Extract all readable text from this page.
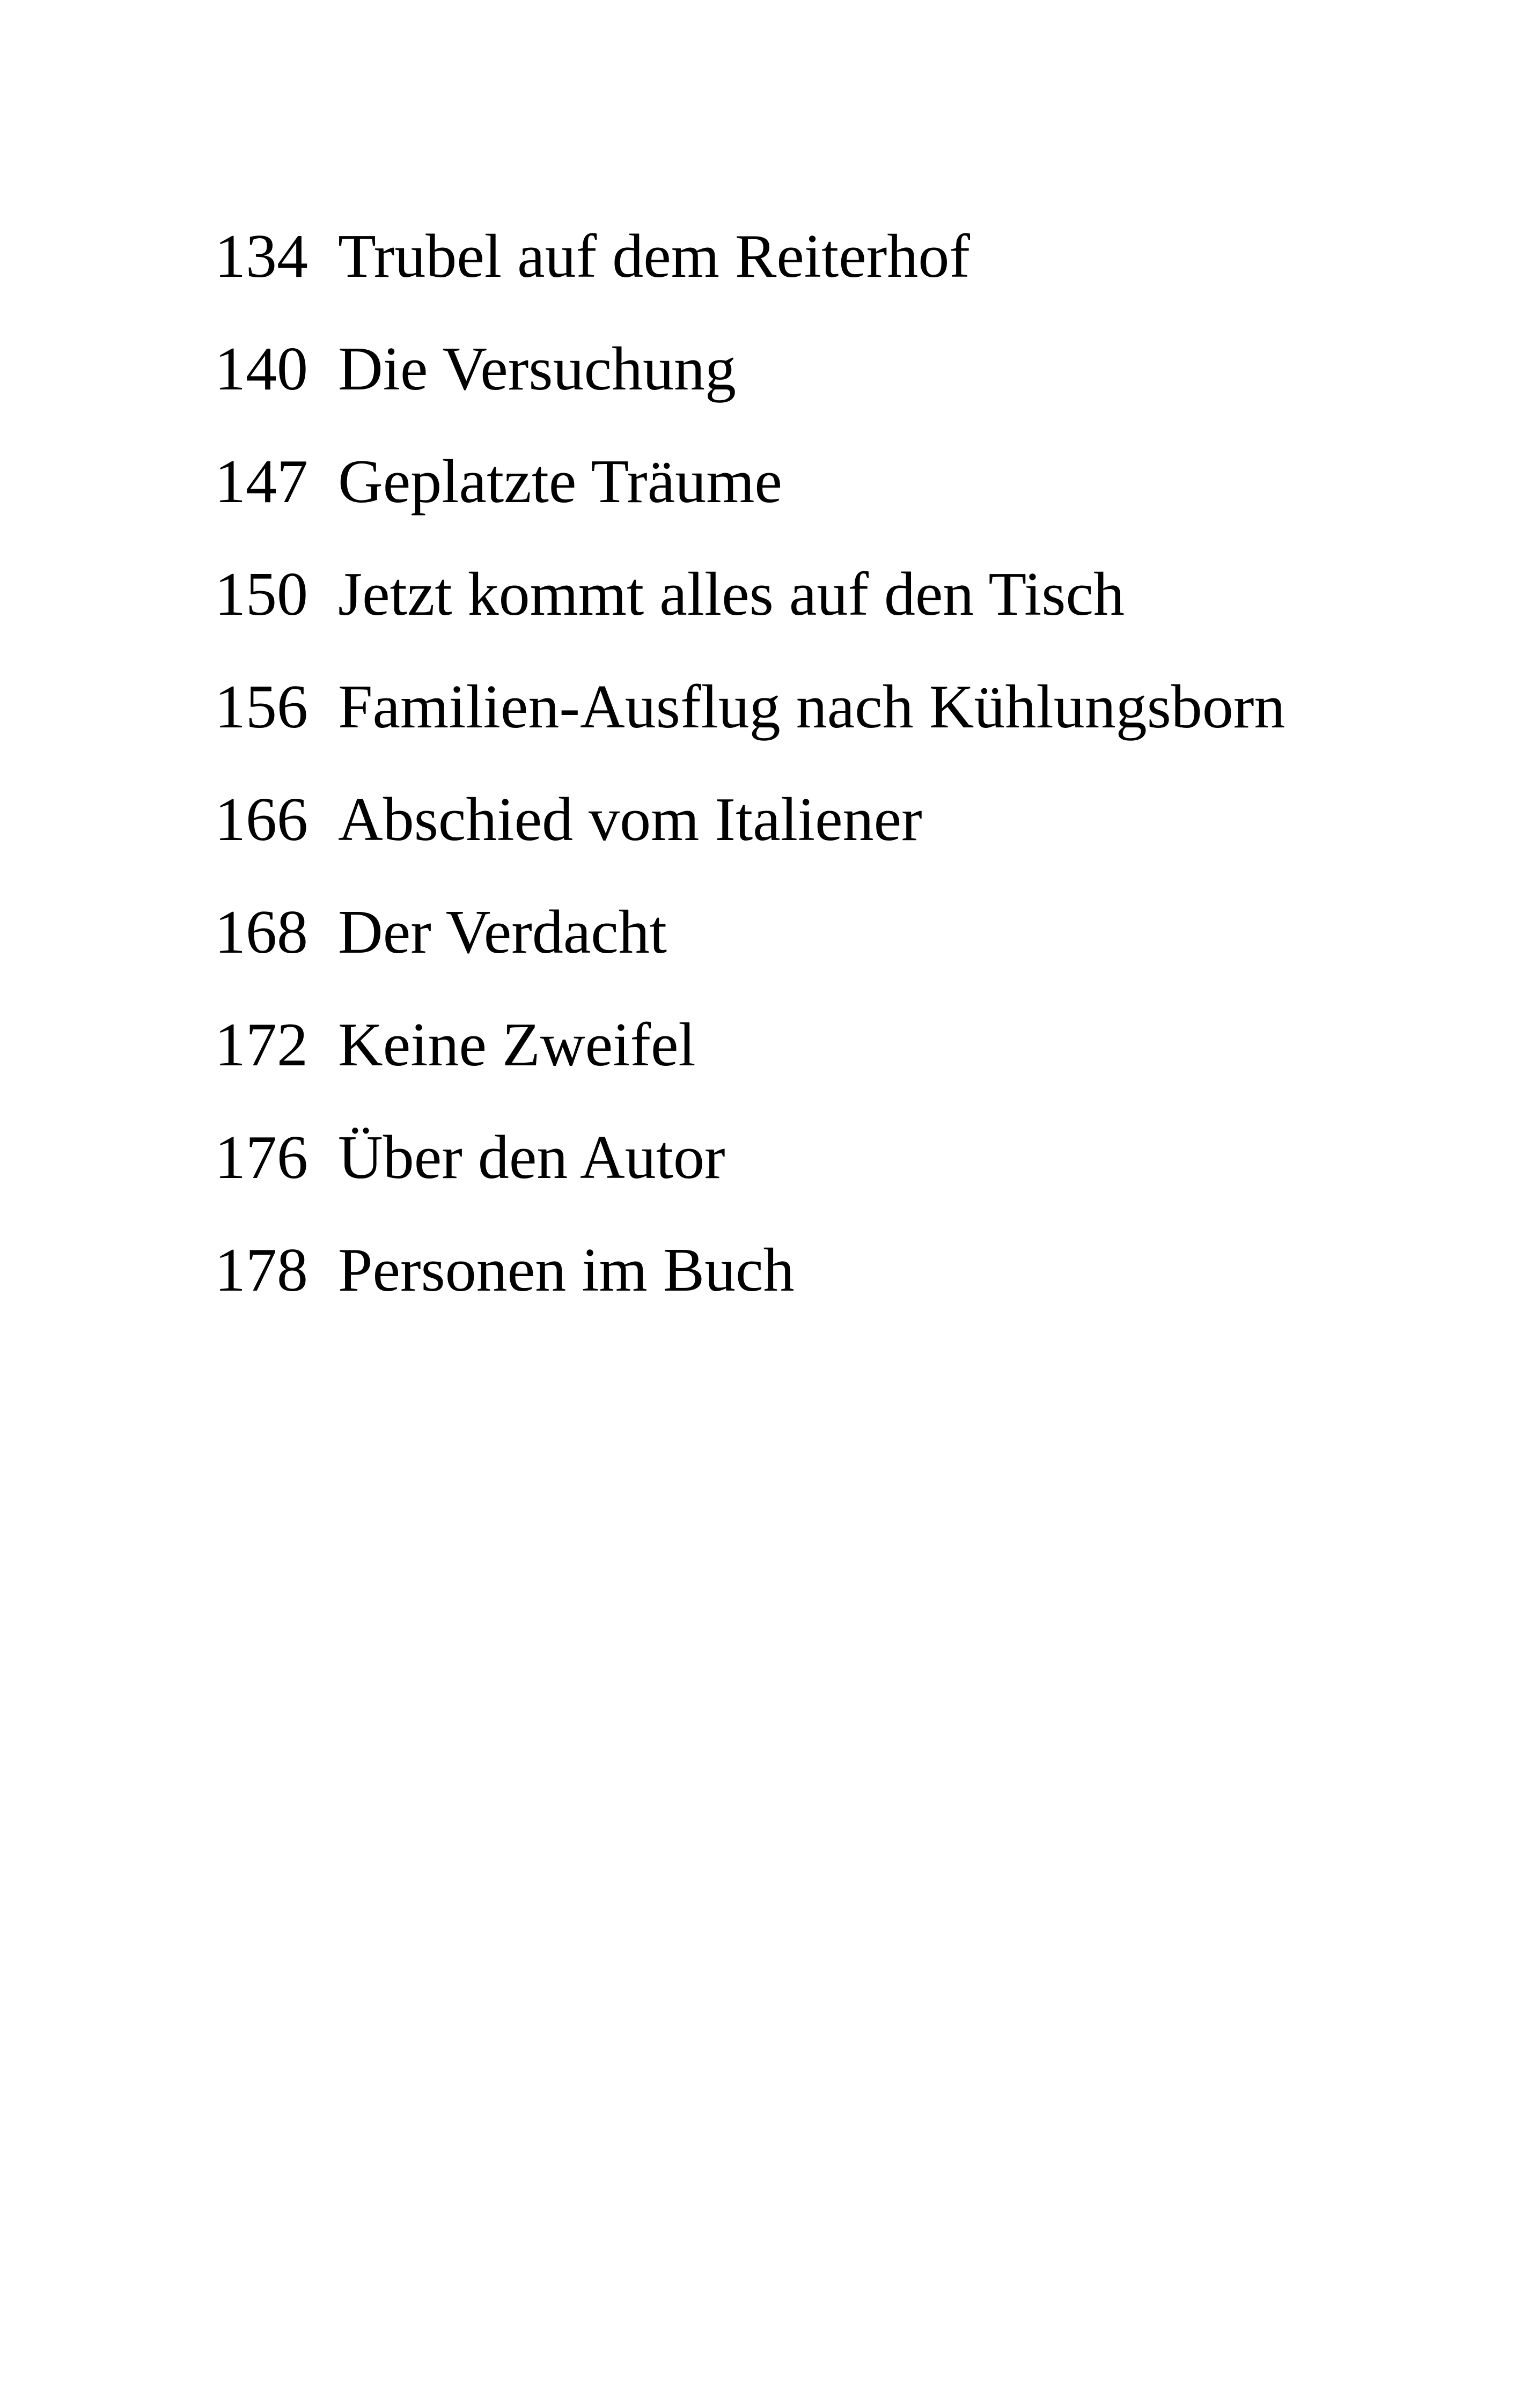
134 Trubel auf dem Reiterhof
140 Die Versuchung
147 Geplatzte Träume
150 Jetzt kommt alles auf den Tisch
156 Familien-Ausflug nach Kühlungsborn
166 Abschied vom Italiener
168 Der Verdacht
172 Keine Zweifel
176 Über den Autor
178 Personen im Buch
